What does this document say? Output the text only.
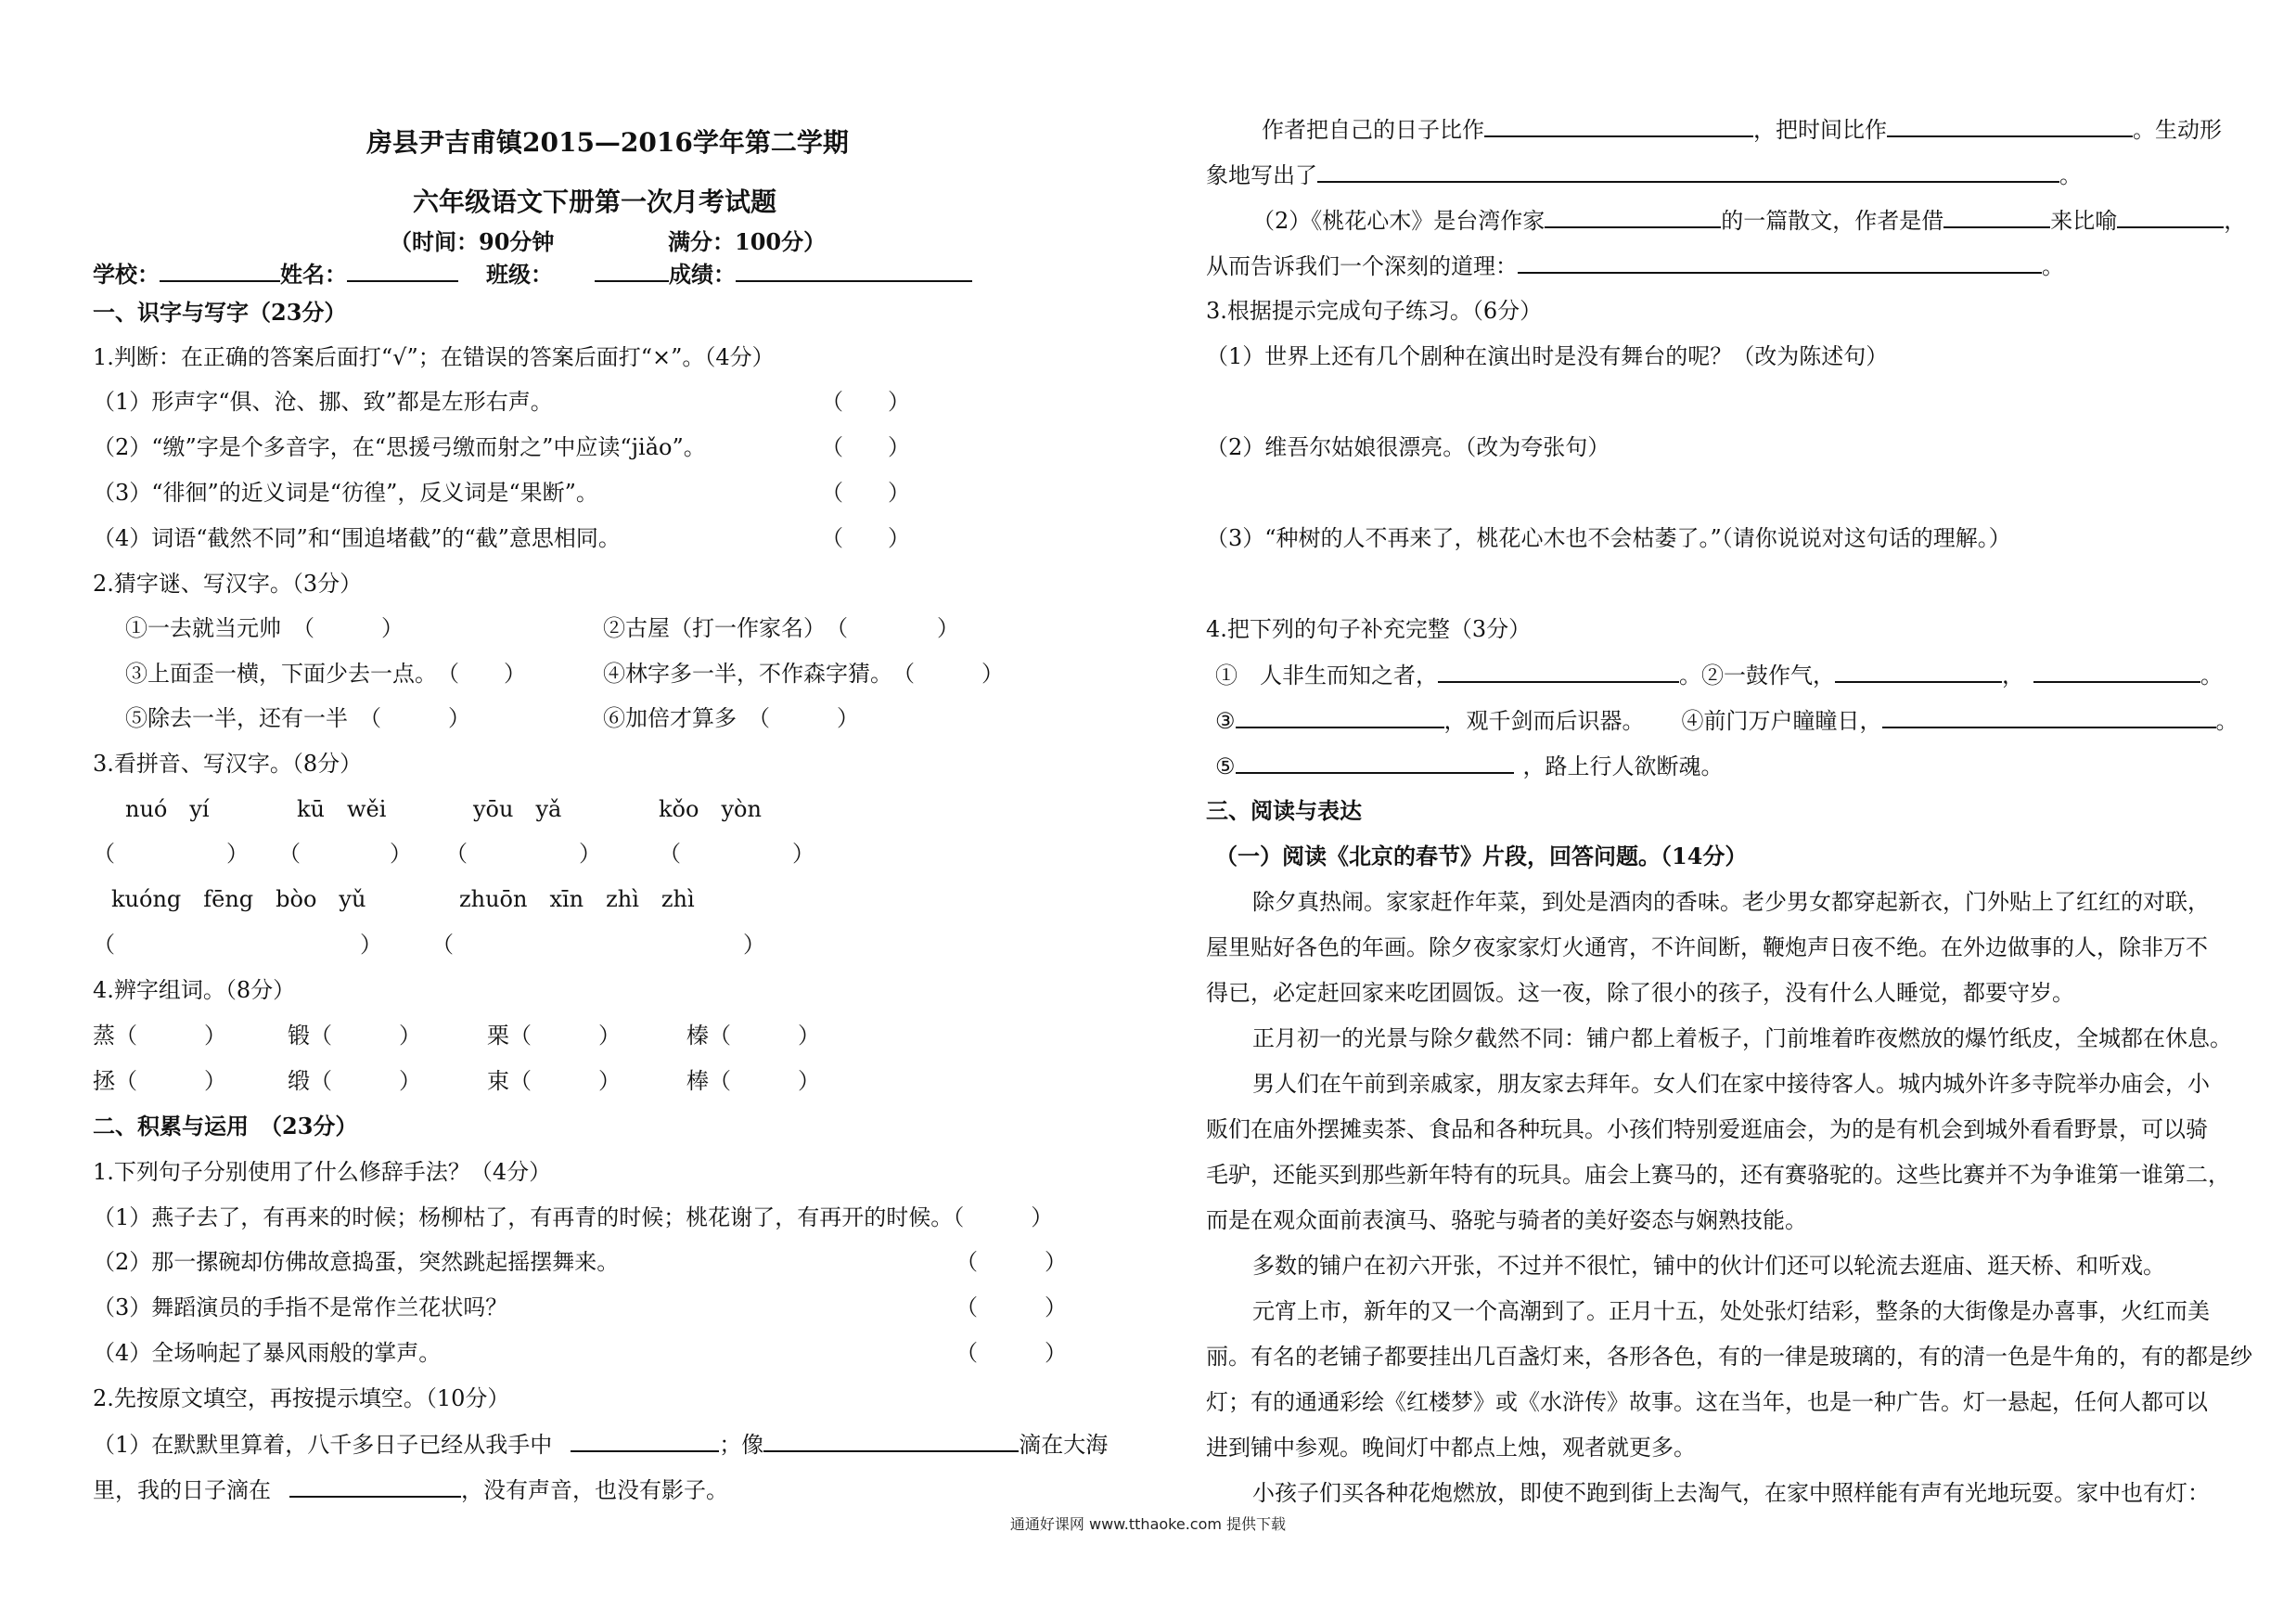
房县尹吉甫镇2015—2016学年第二学期
六年级语文下册第一次月考试题
（时间：90分钟	满分：100分）
学校：	姓名：	班级：	成绩：
一、识字与写字（23分）
1.判断：在正确的答案后面打“√”；在错误的答案后面打“×”。（4分）
（1）形声字“俱、沧、挪、致”都是左形右声。	（　　）
（2）“缴”字是个多音字，在“思援弓缴而射之”中应读“jiǎo”。	（　　）
（3）“徘徊”的近义词是“彷徨”，反义词是“果断”。	（　　）
（4）词语“截然不同”和“围追堵截”的“截”意思相同。	（　　）
2.猜字谜、写汉字。（3分）
①一去就当元帅　（　　　）	②古屋（打一作家名）　（　　　　）
③上面歪一横，下面少去一点。　（　　）	④林字多一半，不作森字猜。　（　　　）
⑤除去一半，还有一半　（　　　）	⑥加倍才算多　（　　　）
3.看拼音、写汉字。（8分）
nuó　yí	kū　wěi	yōu　yǎ	kǒo　yòn
（　　　　　） （　　　　） （　　　　　）	（　　　　　）
kuóng　fēng　bòo　yǔ	zhuōn　xīn　zhì　zhì
（　　　　　　　　　　　） （　　　　　　　　　　　　　）
4.辨字组词。（8分）
蒸（　　　）	锻（　　　）	栗（　　　）	榛（　　　）
拯（　　　）	缎（　　　）	束（　　　）	棒（　　　）
二、积累与运用　（23分）
1.下列句子分别使用了什么修辞手法？（4分）
（1）燕子去了，有再来的时候；杨柳枯了，有再青的时候；桃花谢了，有再开的时候。（　　　）
（2）那一摞碗却仿佛故意捣蛋，突然跳起摇摆舞来。	（　　　）
（3）舞蹈演员的手指不是常作兰花状吗？	（　　　）
（4）全场响起了暴风雨般的掌声。	（　　　）
2.先按原文填空，再按提示填空。（10分）
（1）在默默里算着，八千多日子已经从我手中	；像	滴在大海
里，我的日子滴在	，没有声音，也没有影子。
作者把自己的日子比作	，把时间比作	。生动形
象地写出了	。
（2）《桃花心木》是台湾作家	的一篇散文，作者是借	来比喻	，
从而告诉我们一个深刻的道理：	。
3.根据提示完成句子练习。（6分）
（1）世界上还有几个剧种在演出时是没有舞台的呢？（改为陈述句）
（2）维吾尔姑娘很漂亮。（改为夸张句）
（3）“种树的人不再来了，桃花心木也不会枯萎了。”（请你说说对这句话的理解。）
4.把下列的句子补充完整（3分）
①　人非生而知之者，	。②一鼓作气，	，	。
③	，观千剑而后识器。 ④前门万户瞳瞳日，	。
⑤	，路上行人欲断魂。
三、阅读与表达
（一）阅读《北京的春节》片段，回答问题。（14分）
除夕真热闹。家家赶作年菜，到处是酒肉的香味。老少男女都穿起新衣，门外贴上了红红的对联，
屋里贴好各色的年画。除夕夜家家灯火通宵，不许间断，鞭炮声日夜不绝。在外边做事的人，除非万不
得已，必定赶回家来吃团圆饭。这一夜，除了很小的孩子，没有什么人睡觉，都要守岁。
正月初一的光景与除夕截然不同：铺户都上着板子，门前堆着昨夜燃放的爆竹纸皮，全城都在休息。
男人们在午前到亲戚家，朋友家去拜年。女人们在家中接待客人。城内城外许多寺院举办庙会，小
贩们在庙外摆摊卖茶、食品和各种玩具。小孩们特别爱逛庙会，为的是有机会到城外看看野景，可以骑
毛驴，还能买到那些新年特有的玩具。庙会上赛马的，还有赛骆驼的。这些比赛并不为争谁第一谁第二，
而是在观众面前表演马、骆驼与骑者的美好姿态与娴熟技能。
多数的铺户在初六开张，不过并不很忙，铺中的伙计们还可以轮流去逛庙、逛天桥、和听戏。
元宵上市，新年的又一个高潮到了。正月十五，处处张灯结彩，整条的大街像是办喜事，火红而美
丽。有名的老铺子都要挂出几百盏灯来，各形各色，有的一律是玻璃的，有的清一色是牛角的，有的都是纱
灯；有的通通彩绘《红楼梦》或《水浒传》故事。这在当年，也是一种广告。灯一悬起，任何人都可以
进到铺中参观。晚间灯中都点上烛，观者就更多。
小孩子们买各种花炮燃放，即使不跑到街上去淘气，在家中照样能有声有光地玩耍。家中也有灯：
通通好课网 www.tthaoke.com 提供下载
